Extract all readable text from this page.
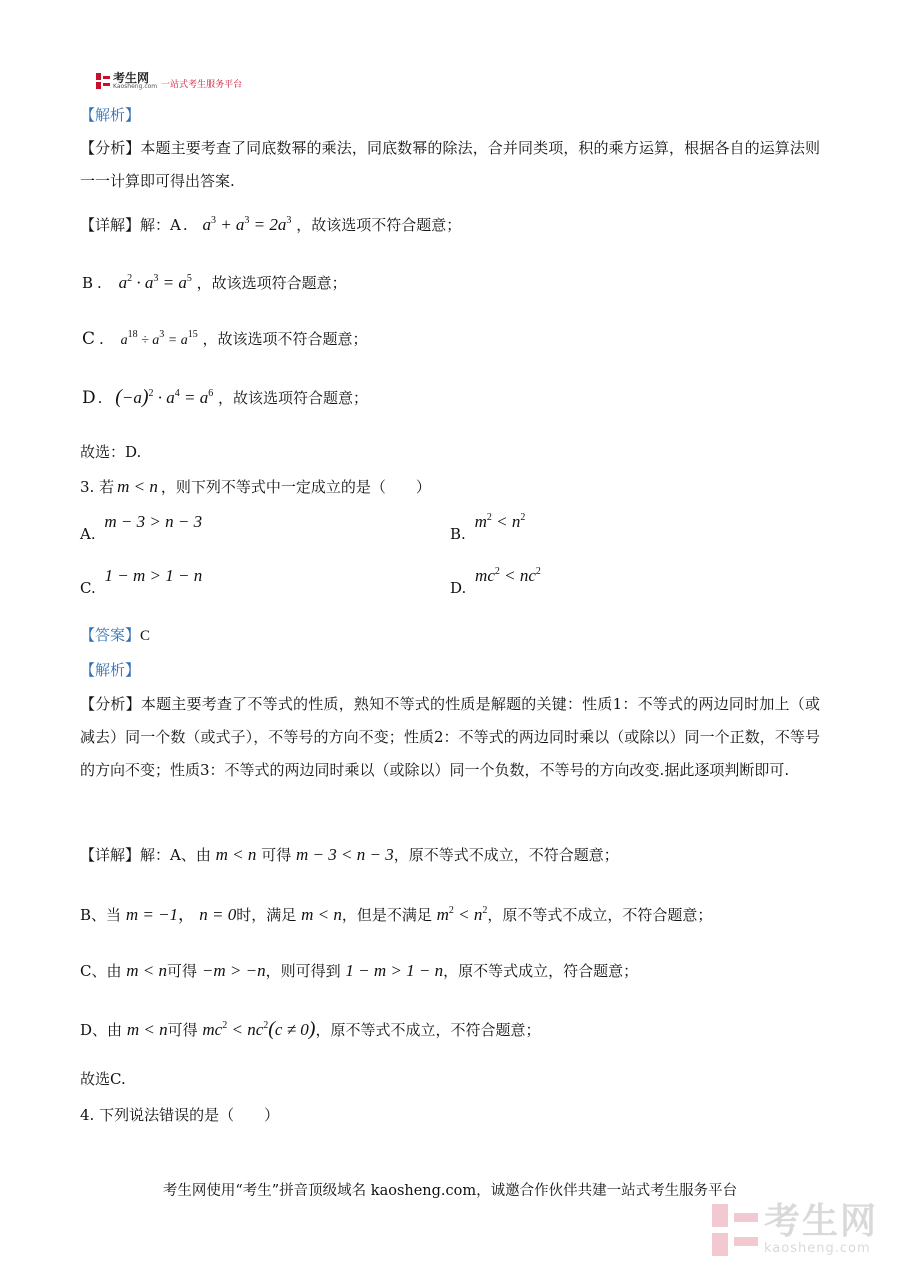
考生网
Kaosheng.com 一站式考生服务平台
【解析】
【分析】本题主要考查了同底数幂的乘法，同底数幂的除法，合并同类项，积的乘方运算，根据各自的运算法则一一计算即可得出答案.
【详解】解：A . $a^3 + a^3 = 2a^3$ ，故该选项不符合题意；
B . $a^2 \cdot a^3 = a^5$ ，故该选项符合题意；
C . $a^{18} \div a^3 = a^{15}$ ，故该选项不符合题意；
D . $(-a)^2 \cdot a^4 = a^6$ ，故该选项符合题意；
故选：D.
3. 若 m < n ，则下列不等式中一定成立的是（　　）
A. m − 3 > n − 3
B. $m^2 < n^2$
C. 1 − m > 1 − n
D. $mc^2 < nc^2$
【答案】C
【解析】
【分析】本题主要考查了不等式的性质，熟知不等式的性质是解题的关键：性质1：不等式的两边同时加上（或减去）同一个数（或式子），不等号的方向不变；性质2：不等式的两边同时乘以（或除以）同一个正数，不等号的方向不变；性质3：不等式的两边同时乘以（或除以）同一个负数，不等号的方向改变.据此逐项判断即可.
【详解】解：A、由 m < n 可得 m − 3 < n − 3，原不等式不成立，不符合题意；
B、当 m = −1， n = 0时，满足 m < n，但是不满足 $m^2 < n^2$，原不等式不成立，不符合题意；
C、由 m < n可得 −m > −n，则可得到 1 − m > 1 − n，原不等式成立，符合题意；
D、由 m < n可得 $mc^2 < nc^2(c \ne 0)$，原不等式不成立，不符合题意；
故选C.
4. 下列说法错误的是（　　）
考生网使用“考生”拼音顶级域名 kaosheng.com，诚邀合作伙伴共建一站式考生服务平台
考生网
kaosheng.com
